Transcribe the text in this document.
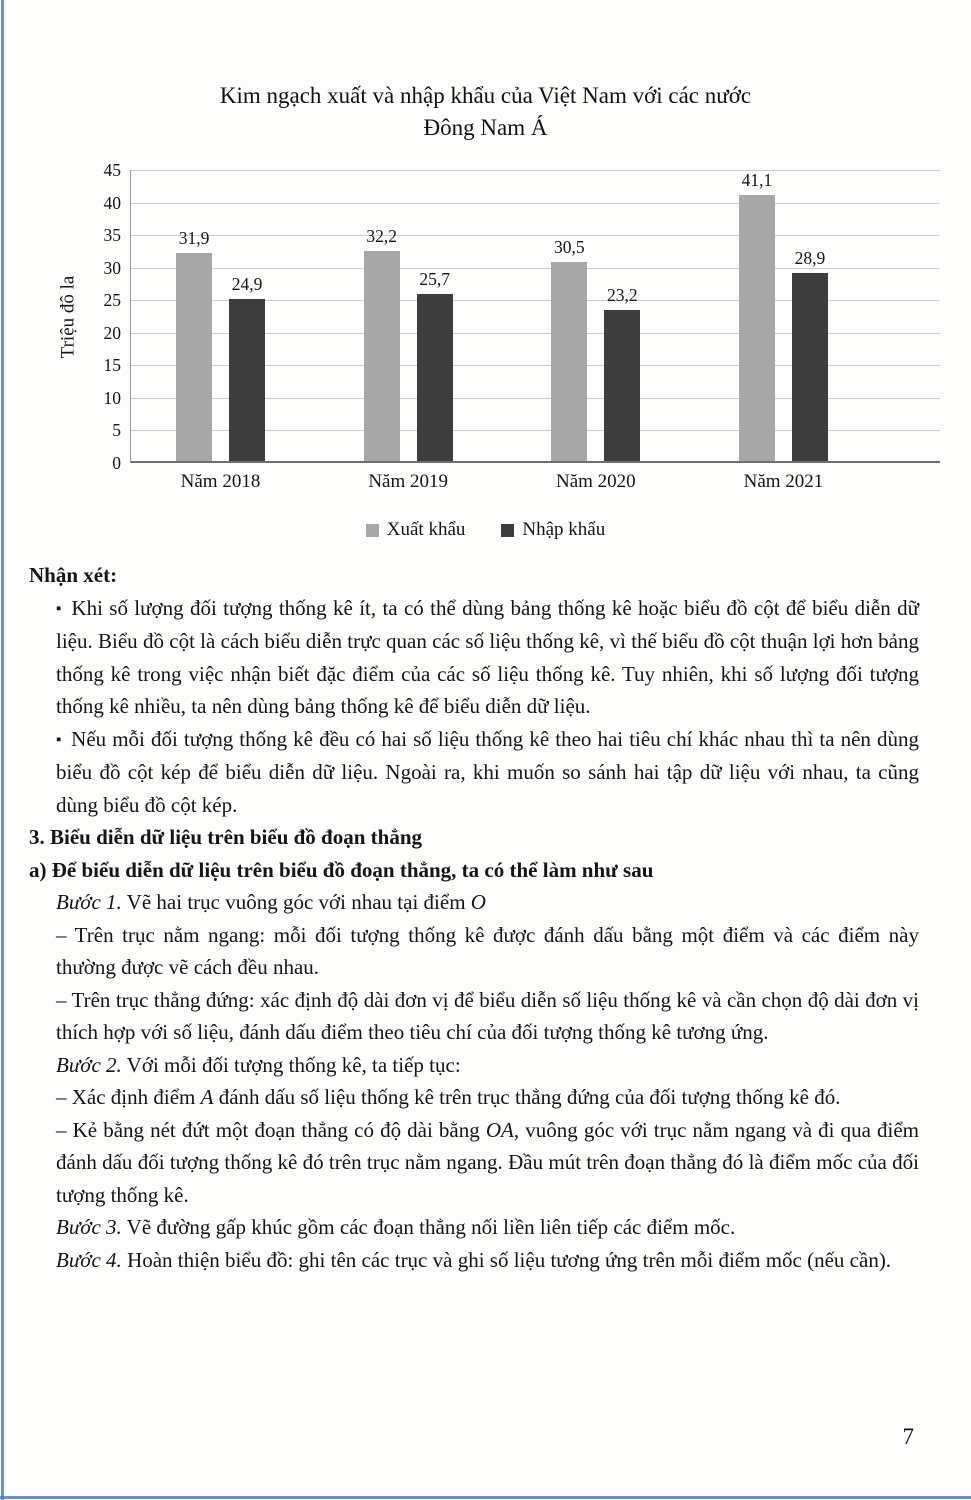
Kim ngạch xuất và nhập khẩu của Việt Nam với các nước
Đông Nam Á
Triệu đô la
0
5
10
15
20
25
30
35
40
45
31,9
24,9
Năm 2018
32,2
25,7
Năm 2019
30,5
23,2
Năm 2020
41,1
28,9
Năm 2021
Xuất khẩu	Nhập khẩu

Nhận xét:

▪ Khi số lượng đối tượng thống kê ít, ta có thể dùng bảng thống kê hoặc biểu đồ cột để biểu diễn dữ liệu. Biểu đồ cột là cách biểu diễn trực quan các số liệu thống kê, vì thế biểu đồ cột thuận lợi hơn bảng thống kê trong việc nhận biết đặc điểm của các số liệu thống kê. Tuy nhiên, khi số lượng đối tượng thống kê nhiều, ta nên dùng bảng thống kê để biểu diễn dữ liệu.

▪ Nếu mỗi đối tượng thống kê đều có hai số liệu thống kê theo hai tiêu chí khác nhau thì ta nên dùng biểu đồ cột kép để biểu diễn dữ liệu. Ngoài ra, khi muốn so sánh hai tập dữ liệu với nhau, ta cũng dùng biểu đồ cột kép.

3. Biểu diễn dữ liệu trên biểu đồ đoạn thẳng

a) Để biểu diễn dữ liệu trên biểu đồ đoạn thẳng, ta có thể làm như sau

Bước 1. Vẽ hai trục vuông góc với nhau tại điểm O

– Trên trục nằm ngang: mỗi đối tượng thống kê được đánh dấu bằng một điểm và các điểm này thường được vẽ cách đều nhau.

– Trên trục thẳng đứng: xác định độ dài đơn vị để biểu diễn số liệu thống kê và cần chọn độ dài đơn vị thích hợp với số liệu, đánh dấu điểm theo tiêu chí của đối tượng thống kê tương ứng.

Bước 2. Với mỗi đối tượng thống kê, ta tiếp tục:

– Xác định điểm A đánh dấu số liệu thống kê trên trục thẳng đứng của đối tượng thống kê đó.

– Kẻ bằng nét đứt một đoạn thẳng có độ dài bằng OA, vuông góc với trục nằm ngang và đi qua điểm đánh dấu đối tượng thống kê đó trên trục nằm ngang. Đầu mút trên đoạn thẳng đó là điểm mốc của đối tượng thống kê.

Bước 3. Vẽ đường gấp khúc gồm các đoạn thẳng nối liền liên tiếp các điểm mốc.

Bước 4. Hoàn thiện biểu đồ: ghi tên các trục và ghi số liệu tương ứng trên mỗi điểm mốc (nếu cần).

7
